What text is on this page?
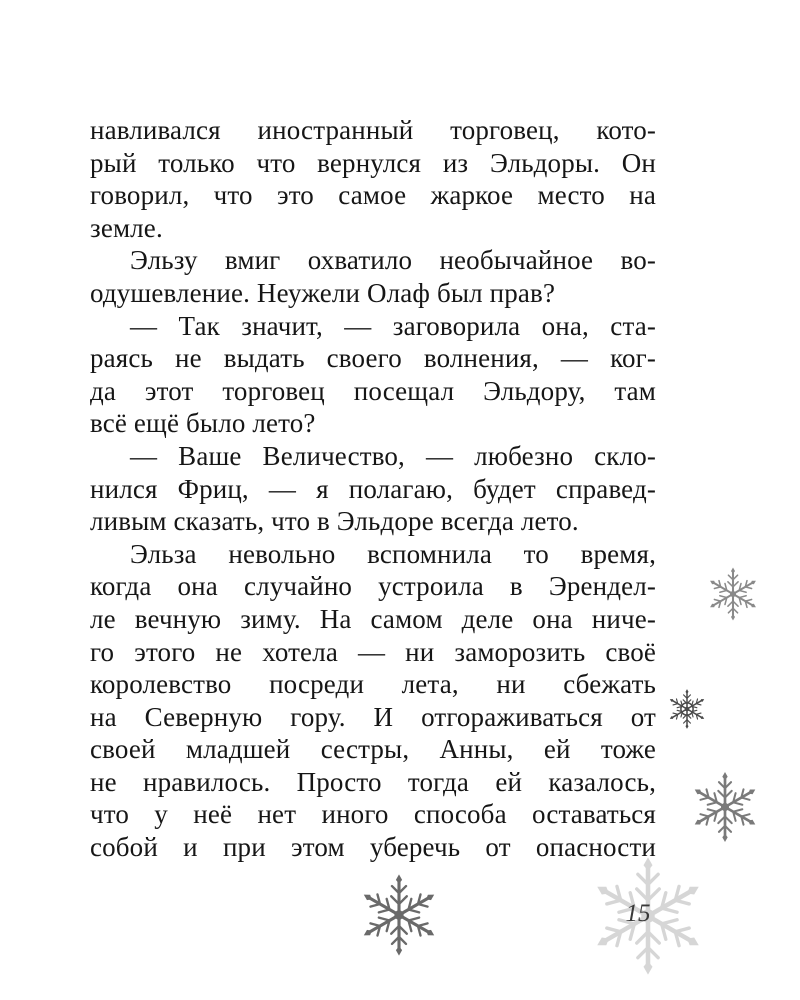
навливался иностранный торговец, кото-
рый только что вернулся из Эльдоры. Он
говорил, что это самое жаркое место на
земле.
Эльзу вмиг охватило необычайное во-
одушевление. Неужели Олаф был прав?
— Так значит, — заговорила она, ста-
раясь не выдать своего волнения, — ког-
да этот торговец посещал Эльдору, там
всё ещё было лето?
— Ваше Величество, — любезно скло-
нился Фриц, — я полагаю, будет справед-
ливым сказать, что в Эльдоре всегда лето.
Эльза невольно вспомнила то время,
когда она случайно устроила в Эрендел-
ле вечную зиму. На самом деле она ниче-
го этого не хотела — ни заморозить своё
королевство посреди лета, ни сбежать
на Северную гору. И отгораживаться от
своей младшей сестры, Анны, ей тоже
не нравилось. Просто тогда ей казалось,
что у неё нет иного способа оставаться
собой и при этом уберечь от опасности
15
